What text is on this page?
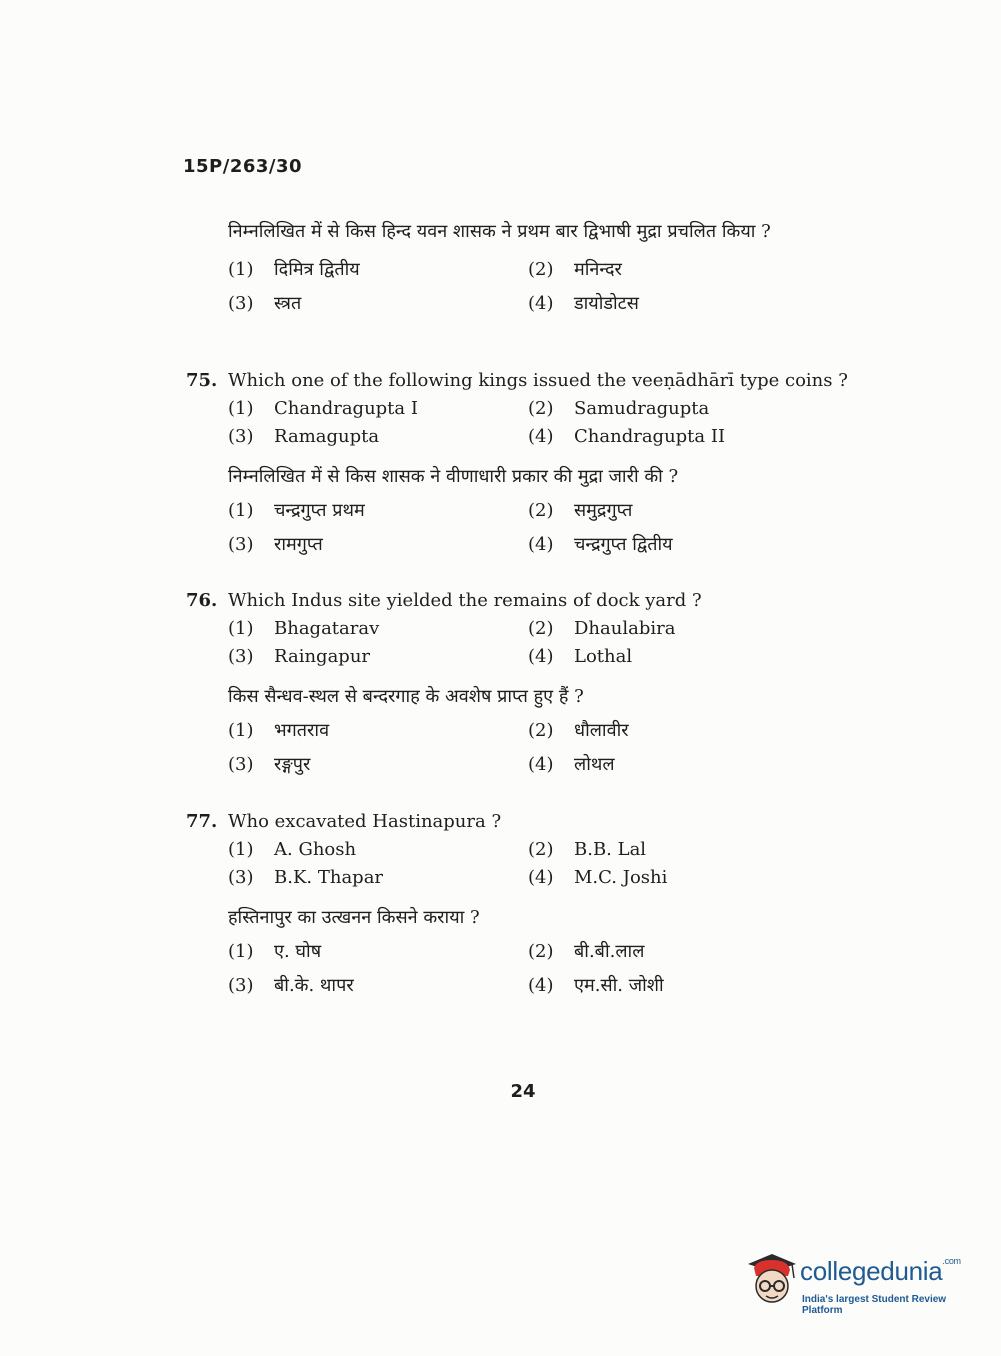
15P/263/30
निम्नलिखित में से किस हिन्द यवन शासक ने प्रथम बार द्विभाषी मुद्रा प्रचलित किया ?
(1)	दिमित्र द्वितीय	(2)	मनिन्दर
(3)	स्त्रत	(4)	डायोडोटस
75. Which one of the following kings issued the veeṇādhārī type coins ?
(1)	Chandragupta I	(2)	Samudragupta
(3)	Ramagupta	(4)	Chandragupta II
निम्नलिखित में से किस शासक ने वीणाधारी प्रकार की मुद्रा जारी की ?
(1)	चन्द्रगुप्त प्रथम	(2)	समुद्रगुप्त
(3)	रामगुप्त	(4)	चन्द्रगुप्त द्वितीय
76. Which Indus site yielded the remains of dock yard ?
(1)	Bhagatarav	(2)	Dhaulabira
(3)	Raingapur	(4)	Lothal
किस सैन्धव-स्थल से बन्दरगाह के अवशेष प्राप्त हुए हैं ?
(1)	भगतराव	(2)	धौलावीर
(3)	रङ्गपुर	(4)	लोथल
77. Who excavated Hastinapura ?
(1)	A. Ghosh	(2)	B.B. Lal
(3)	B.K. Thapar	(4)	M.C. Joshi
हस्तिनापुर का उत्खनन किसने कराया ?
(1)	ए. घोष	(2)	बी.बी.लाल
(3)	बी.के. थापर	(4)	एम.सी. जोशी
24
collegedunia$^{.com}$
India's largest Student Review Platform
